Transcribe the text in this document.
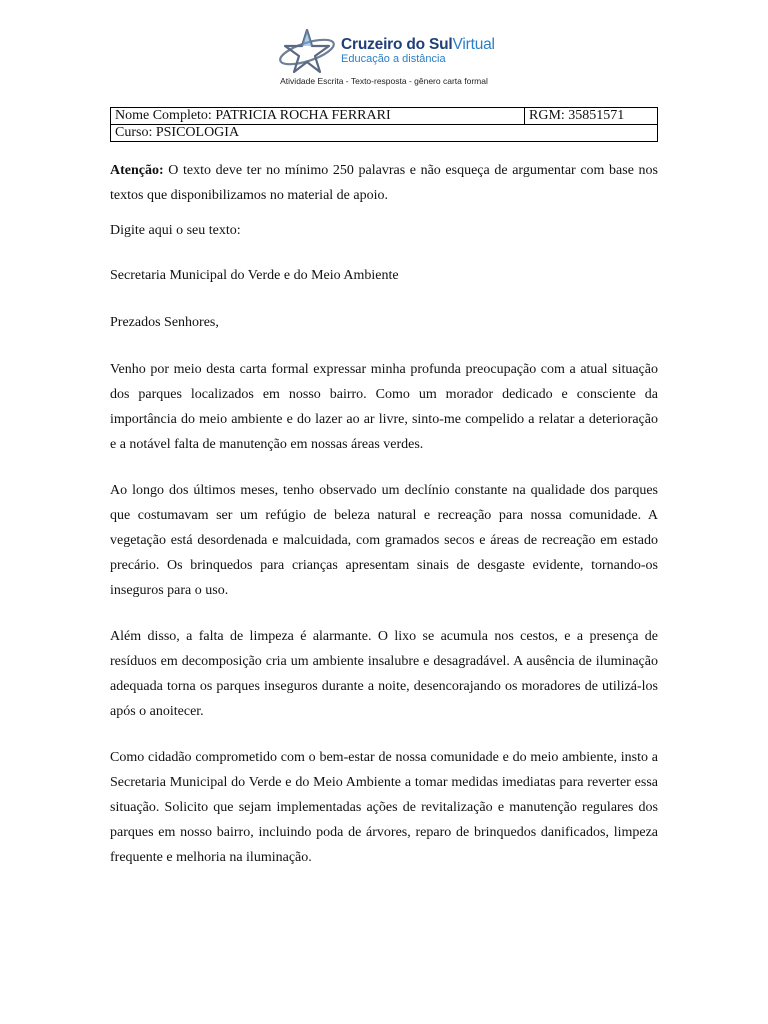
Cruzeiro do SulVirtual
Educação a distância
Atividade Escrita - Texto-resposta - gênero carta formal
Nome Completo: PATRICIA ROCHA FERRARI	RGM: 35851571
Curso: PSICOLOGIA

Atenção: O texto deve ter no mínimo 250 palavras e não esqueça de argumentar com base nos textos que disponibilizamos no material de apoio.

Digite aqui o seu texto:

Secretaria Municipal do Verde e do Meio Ambiente

Prezados Senhores,

Venho por meio desta carta formal expressar minha profunda preocupação com a atual situação dos parques localizados em nosso bairro. Como um morador dedicado e consciente da importância do meio ambiente e do lazer ao ar livre, sinto-me compelido a relatar a deterioração e a notável falta de manutenção em nossas áreas verdes.

Ao longo dos últimos meses, tenho observado um declínio constante na qualidade dos parques que costumavam ser um refúgio de beleza natural e recreação para nossa comunidade. A vegetação está desordenada e malcuidada, com gramados secos e áreas de recreação em estado precário. Os brinquedos para crianças apresentam sinais de desgaste evidente, tornando-os inseguros para o uso.

Além disso, a falta de limpeza é alarmante. O lixo se acumula nos cestos, e a presença de resíduos em decomposição cria um ambiente insalubre e desagradável. A ausência de iluminação adequada torna os parques inseguros durante a noite, desencorajando os moradores de utilizá-los após o anoitecer.

Como cidadão comprometido com o bem-estar de nossa comunidade e do meio ambiente, insto a Secretaria Municipal do Verde e do Meio Ambiente a tomar medidas imediatas para reverter essa situação. Solicito que sejam implementadas ações de revitalização e manutenção regulares dos parques em nosso bairro, incluindo poda de árvores, reparo de brinquedos danificados, limpeza frequente e melhoria na iluminação.
